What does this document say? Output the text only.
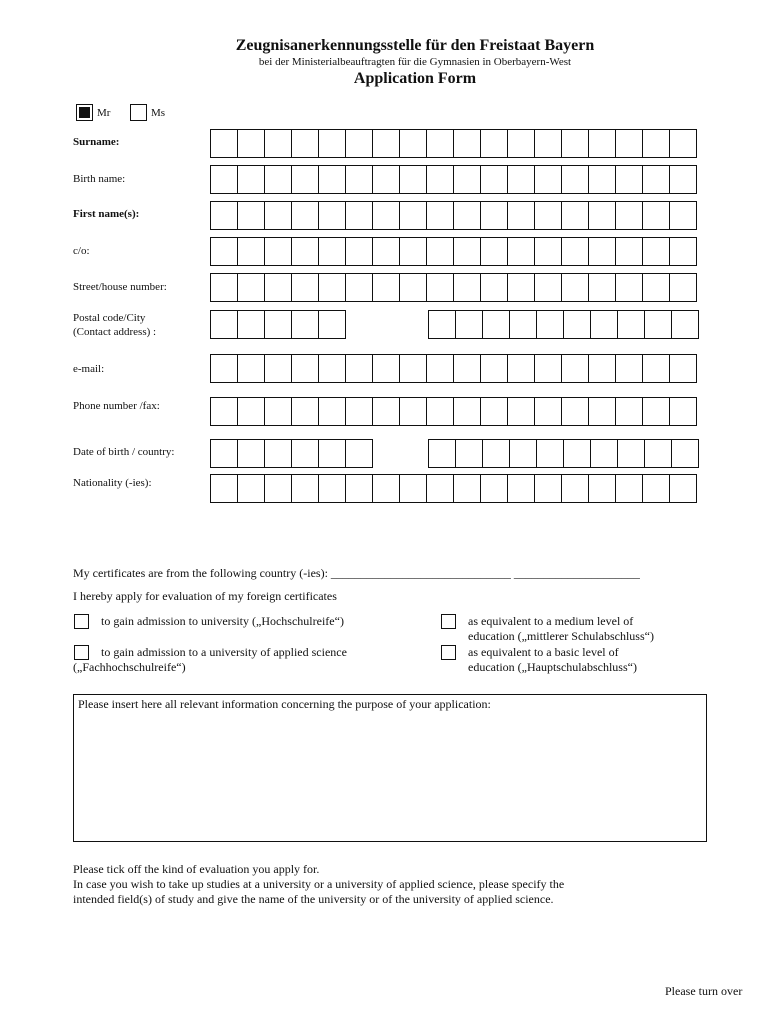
Zeugnisanerkennungsstelle für den Freistaat Bayern
bei der Ministerialbeauftragten für die Gymnasien in Oberbayern-West
Application Form
Mr	Ms
Surname:
Birth name:
First name(s):
c/o:
Street/house number:
Postal code/City
(Contact address) :
e-mail:
Phone number /fax:
Date of birth / country:
Nationality (-ies):
My certificates are from the following country (-ies): ______________________________ _____________________
I hereby apply for evaluation of my foreign certificates
to gain admission to university („Hochschulreife“)
to gain admission to a university of applied science
(„Fachhochschulreife“)
as equivalent to a medium level of
education („mittlerer Schulabschluss“)
as equivalent to a basic level of
education („Hauptschulabschluss“)
Please insert here all relevant information concerning the purpose of your application:
Please tick off the kind of evaluation you apply for.
In case you wish to take up studies at a university or a university of applied science, please specify the
intended field(s) of study and give the name of the university or of the university of applied science.
Please turn over
